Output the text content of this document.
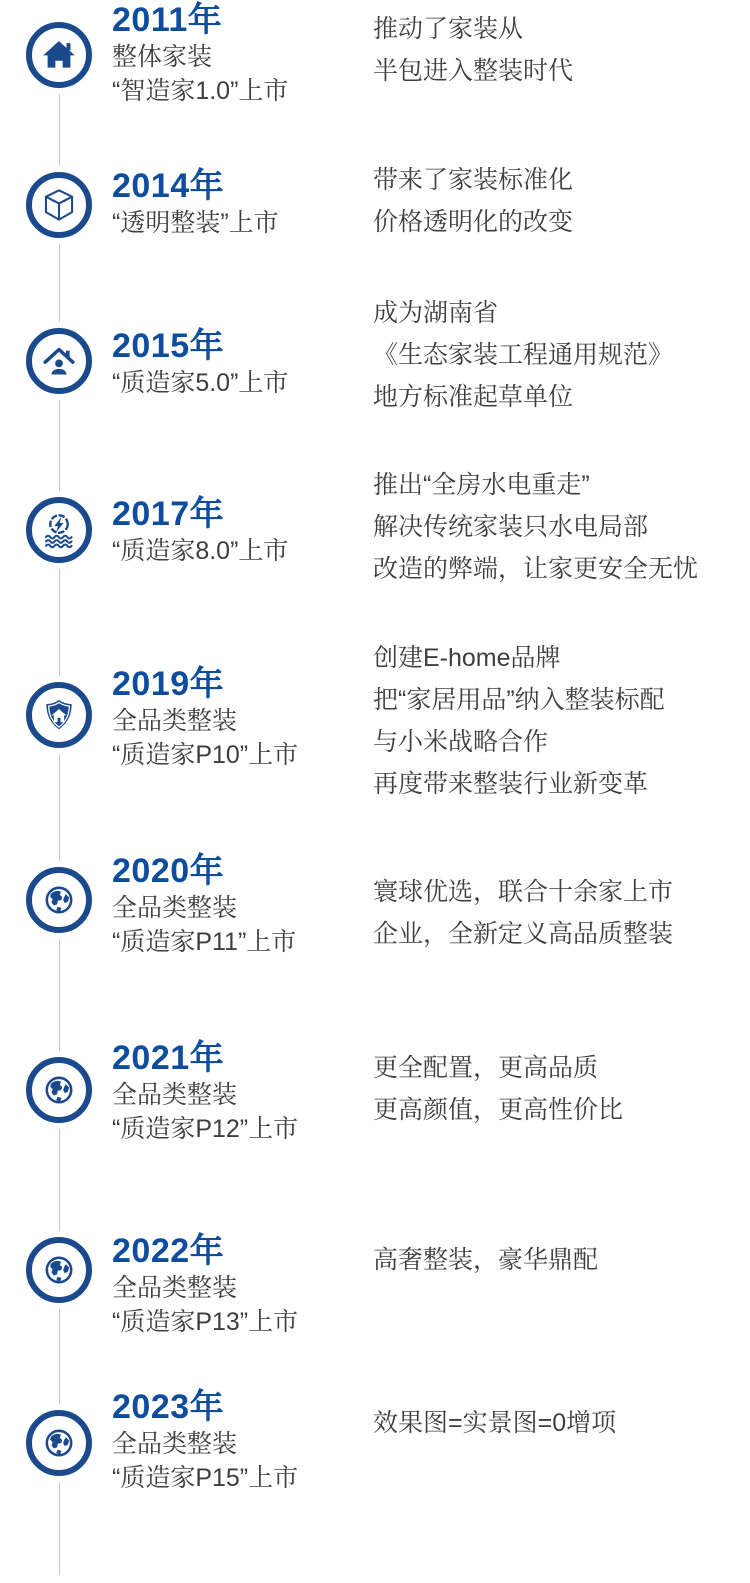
2011年
整体家装
“智造家1.0”上市
推动了家装从
半包进入整装时代
2014年
“透明整装”上市
带来了家装标准化
价格透明化的改变
2015年
“质造家5.0”上市
成为湖南省
《生态家装工程通用规范》
地方标准起草单位
2017年
“质造家8.0”上市
推出“全房水电重走”
解决传统家装只水电局部
改造的弊端，让家更安全无忧
2019年
全品类整装
“质造家P10”上市
创建E-home品牌
把“家居用品”纳入整装标配
与小米战略合作
再度带来整装行业新变革
2020年
全品类整装
“质造家P11”上市
寰球优选，联合十余家上市
企业，全新定义高品质整装
2021年
全品类整装
“质造家P12”上市
更全配置，更高品质
更高颜值，更高性价比
2022年
全品类整装
“质造家P13”上市
高奢整装，豪华鼎配
2023年
全品类整装
“质造家P15”上市
效果图=实景图=0增项
